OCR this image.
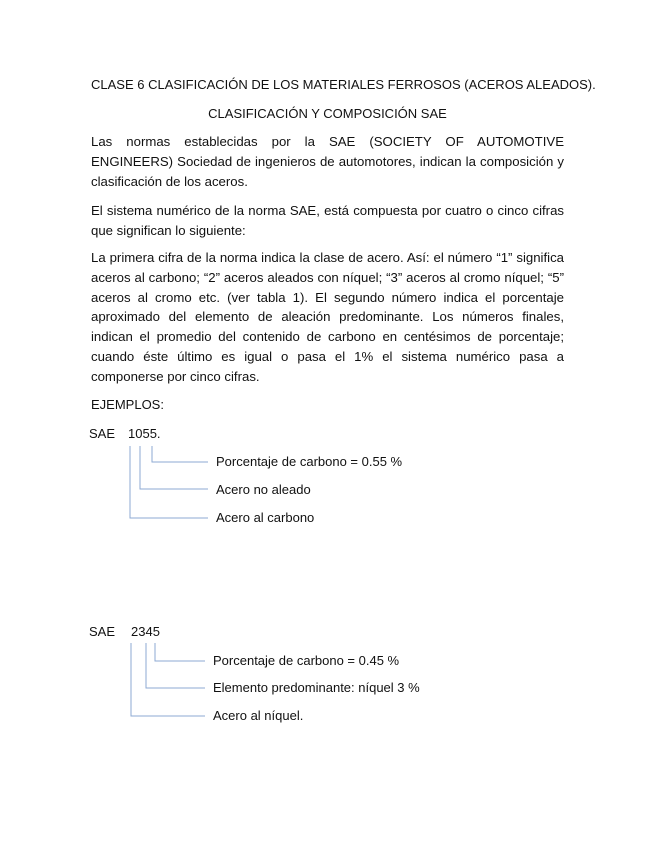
CLASE 6 CLASIFICACIÓN DE LOS MATERIALES FERROSOS (ACEROS ALEADOS).
CLASIFICACIÓN Y COMPOSICIÓN SAE
Las normas establecidas por la SAE (SOCIETY OF AUTOMOTIVE ENGINEERS) Sociedad de ingenieros de automotores, indican la composición y clasificación de los aceros.
El sistema numérico de la norma SAE, está compuesta por cuatro o cinco cifras que significan lo siguiente:
La primera cifra de la norma indica la clase de acero. Así: el número “1” significa aceros al carbono; “2” aceros aleados con níquel; “3” aceros al cromo níquel; “5” aceros al cromo etc. (ver tabla 1). El segundo número indica el porcentaje aproximado del elemento de aleación predominante. Los números finales, indican el promedio del contenido de carbono en centésimos de porcentaje; cuando éste último es igual o pasa el 1% el sistema numérico pasa a componerse por cinco cifras.
EJEMPLOS:
SAE 1055.
Porcentaje de carbono = 0.55 %
Acero no aleado
Acero al carbono
SAE 2345
Porcentaje de carbono = 0.45 %
Elemento predominante: níquel 3 %
Acero al níquel.
